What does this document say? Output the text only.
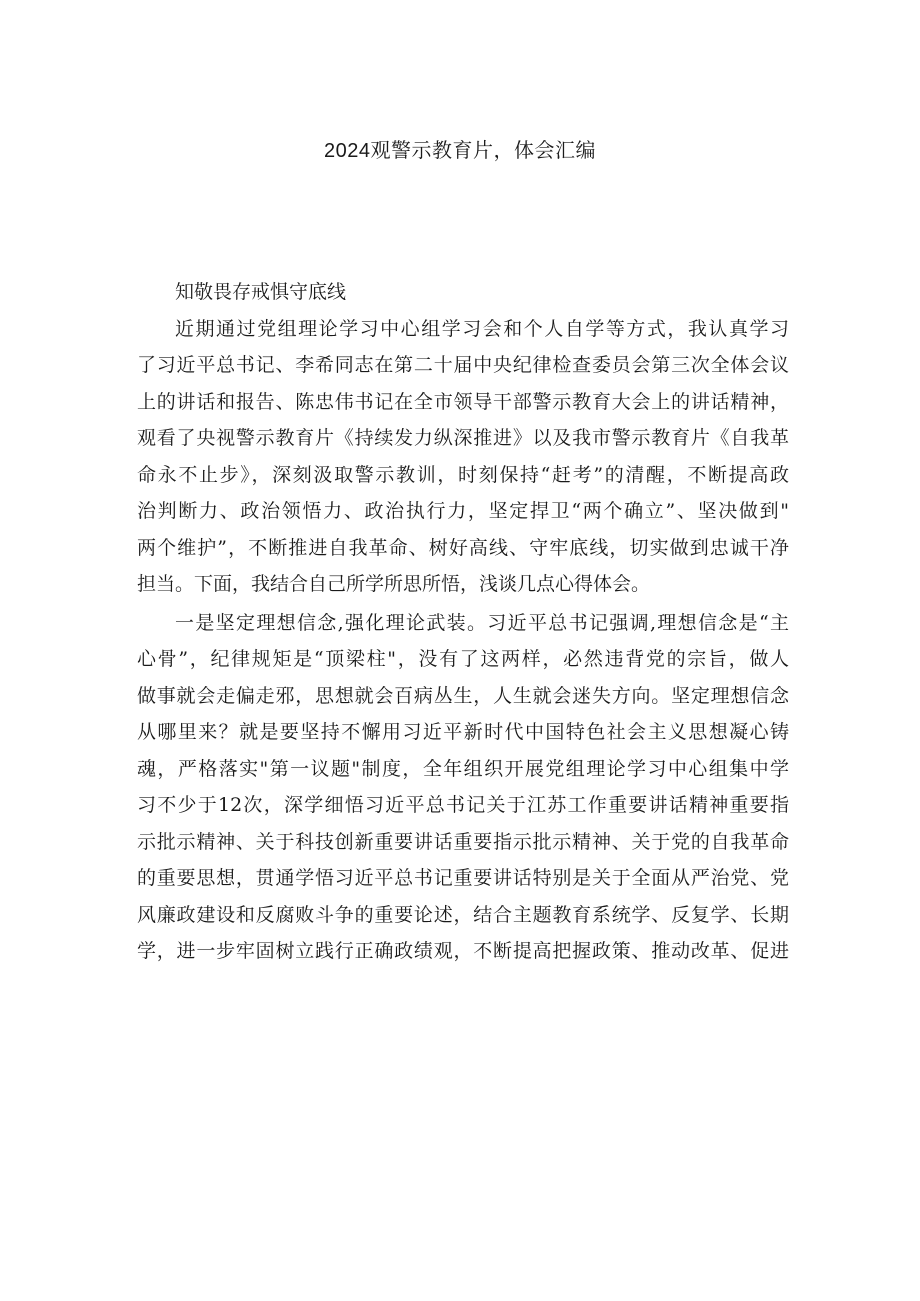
2024观警示教育片，体会汇编
知敬畏存戒惧守底线
近期通过党组理论学习中心组学习会和个人自学等方式，我认真学习
了习近平总书记、李希同志在第二十届中央纪律检查委员会第三次全体会议
上的讲话和报告、陈忠伟书记在全市领导干部警示教育大会上的讲话精神，
观看了央视警示教育片《持续发力纵深推进》以及我市警示教育片《自我革
命永不止步》，深刻汲取警示教训，时刻保持“赶考”的清醒，不断提高政
治判断力、政治领悟力、政治执行力，坚定捍卫“两个确立”、坚决做到"
两个维护”，不断推进自我革命、树好高线、守牢底线，切实做到忠诚干净
担当。下面，我结合自己所学所思所悟，浅谈几点心得体会。
一是坚定理想信念,强化理论武装。习近平总书记强调,理想信念是“主
心骨”，纪律规矩是“顶梁柱"，没有了这两样，必然违背党的宗旨，做人
做事就会走偏走邪，思想就会百病丛生，人生就会迷失方向。坚定理想信念
从哪里来？就是要坚持不懈用习近平新时代中国特色社会主义思想凝心铸
魂，严格落实"第一议题"制度，全年组织开展党组理论学习中心组集中学
习不少于12次，深学细悟习近平总书记关于江苏工作重要讲话精神重要指
示批示精神、关于科技创新重要讲话重要指示批示精神、关于党的自我革命
的重要思想，贯通学悟习近平总书记重要讲话特别是关于全面从严治党、党
风廉政建设和反腐败斗争的重要论述，结合主题教育系统学、反复学、长期
学，进一步牢固树立践行正确政绩观，不断提高把握政策、推动改革、促进
